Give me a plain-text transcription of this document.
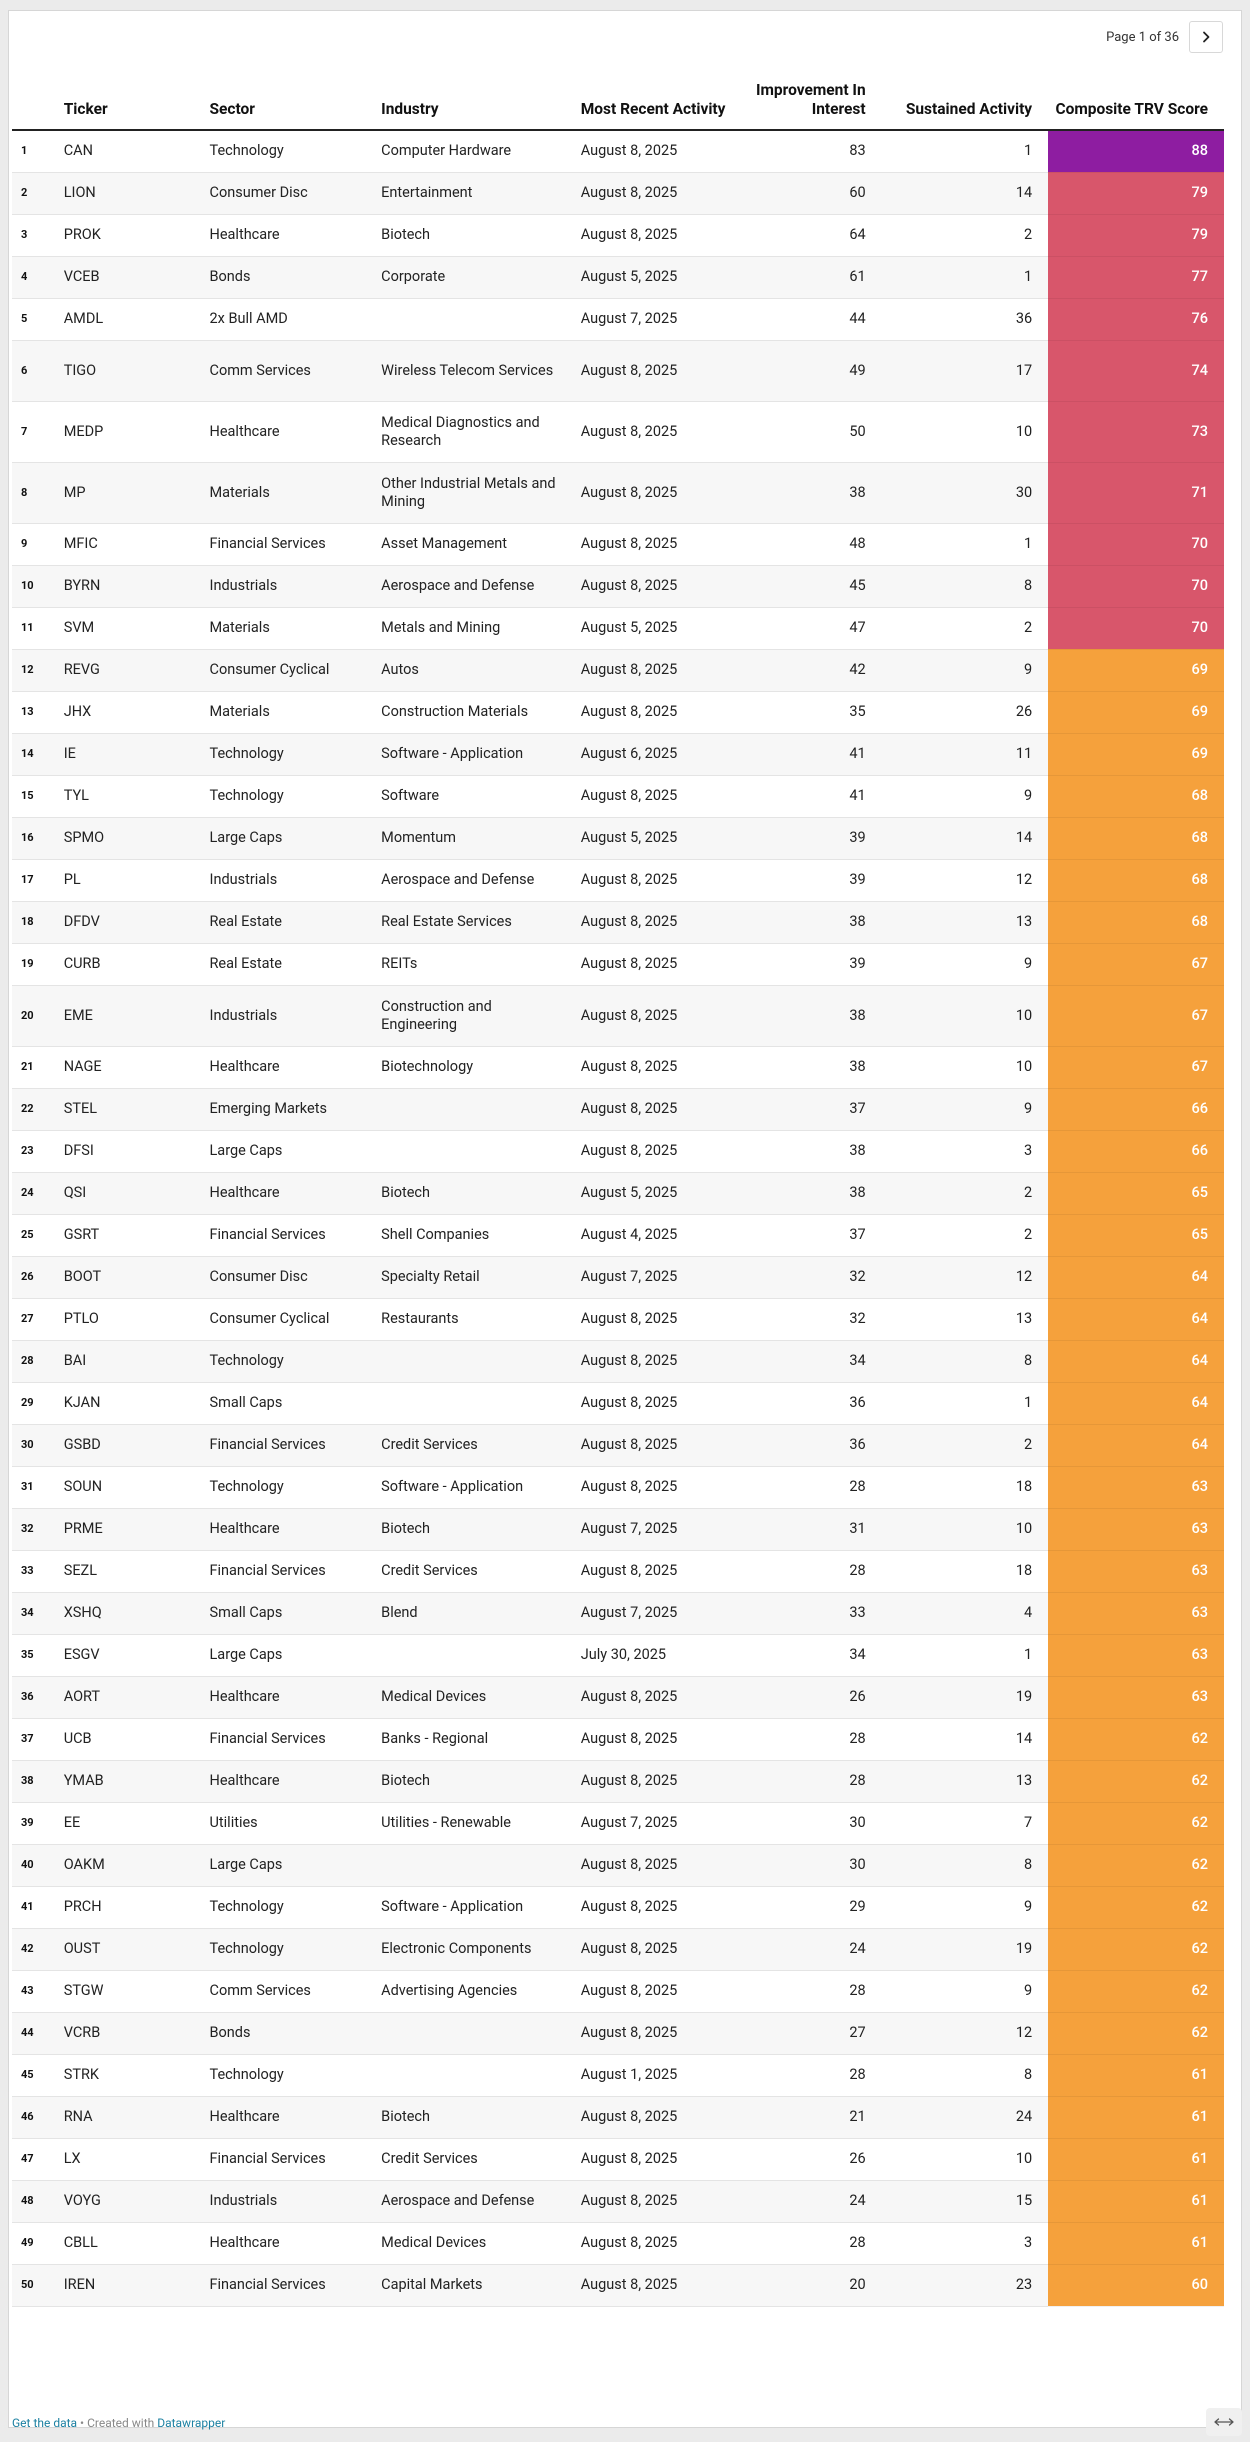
Page 1 of 36
	Ticker	Sector	Industry	Most Recent Activity	Improvement In Interest	Sustained Activity	Composite TRV Score
1	CAN	Technology	Computer Hardware	August 8, 2025	83	1	88
2	LION	Consumer Disc	Entertainment	August 8, 2025	60	14	79
3	PROK	Healthcare	Biotech	August 8, 2025	64	2	79
4	VCEB	Bonds	Corporate	August 5, 2025	61	1	77
5	AMDL	2x Bull AMD		August 7, 2025	44	36	76
6	TIGO	Comm Services	Wireless Telecom Services	August 8, 2025	49	17	74
7	MEDP	Healthcare	Medical Diagnostics and Research	August 8, 2025	50	10	73
8	MP	Materials	Other Industrial Metals and Mining	August 8, 2025	38	30	71
9	MFIC	Financial Services	Asset Management	August 8, 2025	48	1	70
10	BYRN	Industrials	Aerospace and Defense	August 8, 2025	45	8	70
11	SVM	Materials	Metals and Mining	August 5, 2025	47	2	70
12	REVG	Consumer Cyclical	Autos	August 8, 2025	42	9	69
13	JHX	Materials	Construction Materials	August 8, 2025	35	26	69
14	IE	Technology	Software - Application	August 6, 2025	41	11	69
15	TYL	Technology	Software	August 8, 2025	41	9	68
16	SPMO	Large Caps	Momentum	August 5, 2025	39	14	68
17	PL	Industrials	Aerospace and Defense	August 8, 2025	39	12	68
18	DFDV	Real Estate	Real Estate Services	August 8, 2025	38	13	68
19	CURB	Real Estate	REITs	August 8, 2025	39	9	67
20	EME	Industrials	Construction and Engineering	August 8, 2025	38	10	67
21	NAGE	Healthcare	Biotechnology	August 8, 2025	38	10	67
22	STEL	Emerging Markets		August 8, 2025	37	9	66
23	DFSI	Large Caps		August 8, 2025	38	3	66
24	QSI	Healthcare	Biotech	August 5, 2025	38	2	65
25	GSRT	Financial Services	Shell Companies	August 4, 2025	37	2	65
26	BOOT	Consumer Disc	Specialty Retail	August 7, 2025	32	12	64
27	PTLO	Consumer Cyclical	Restaurants	August 8, 2025	32	13	64
28	BAI	Technology		August 8, 2025	34	8	64
29	KJAN	Small Caps		August 8, 2025	36	1	64
30	GSBD	Financial Services	Credit Services	August 8, 2025	36	2	64
31	SOUN	Technology	Software - Application	August 8, 2025	28	18	63
32	PRME	Healthcare	Biotech	August 7, 2025	31	10	63
33	SEZL	Financial Services	Credit Services	August 8, 2025	28	18	63
34	XSHQ	Small Caps	Blend	August 7, 2025	33	4	63
35	ESGV	Large Caps		July 30, 2025	34	1	63
36	AORT	Healthcare	Medical Devices	August 8, 2025	26	19	63
37	UCB	Financial Services	Banks - Regional	August 8, 2025	28	14	62
38	YMAB	Healthcare	Biotech	August 8, 2025	28	13	62
39	EE	Utilities	Utilities - Renewable	August 7, 2025	30	7	62
40	OAKM	Large Caps		August 8, 2025	30	8	62
41	PRCH	Technology	Software - Application	August 8, 2025	29	9	62
42	OUST	Technology	Electronic Components	August 8, 2025	24	19	62
43	STGW	Comm Services	Advertising Agencies	August 8, 2025	28	9	62
44	VCRB	Bonds		August 8, 2025	27	12	62
45	STRK	Technology		August 1, 2025	28	8	61
46	RNA	Healthcare	Biotech	August 8, 2025	21	24	61
47	LX	Financial Services	Credit Services	August 8, 2025	26	10	61
48	VOYG	Industrials	Aerospace and Defense	August 8, 2025	24	15	61
49	CBLL	Healthcare	Medical Devices	August 8, 2025	28	3	61
50	IREN	Financial Services	Capital Markets	August 8, 2025	20	23	60
Get the data • Created with Datawrapper
